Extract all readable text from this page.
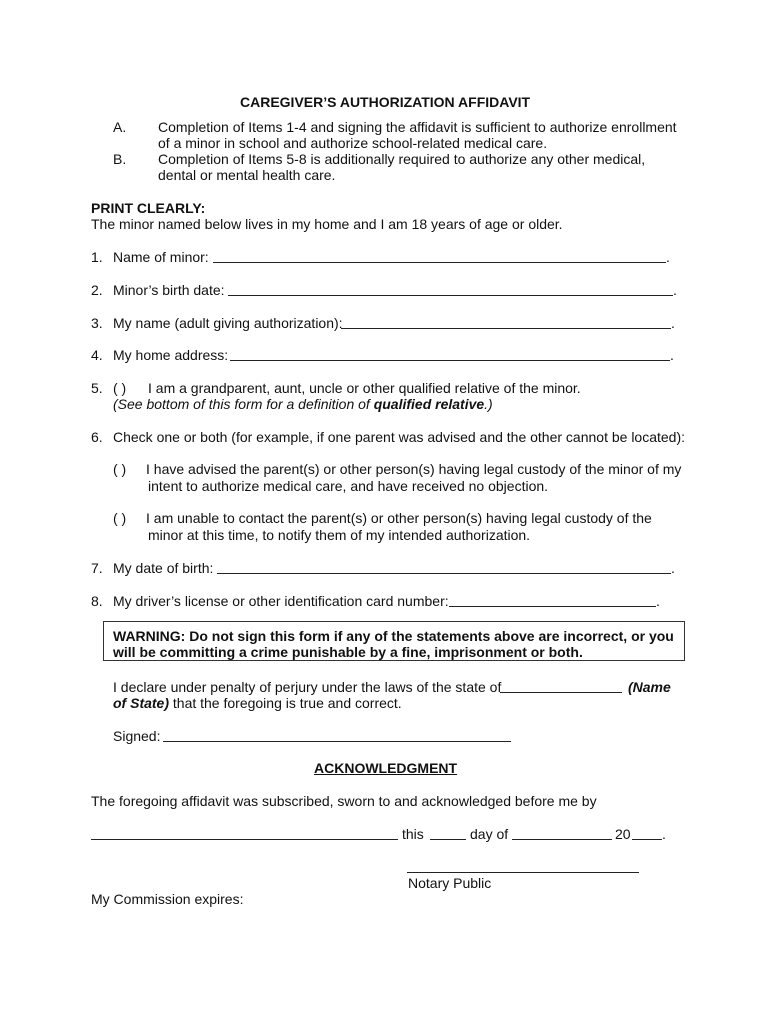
CAREGIVER’S AUTHORIZATION AFFIDAVIT
A. Completion of Items 1-4 and signing the affidavit is sufficient to authorize enrollment
of a minor in school and authorize school-related medical care.
B. Completion of Items 5-8 is additionally required to authorize any other medical,
dental or mental health care.
PRINT CLEARLY:
The minor named below lives in my home and I am 18 years of age or older.
1. Name of minor:	.
2. Minor’s birth date:	.
3. My name (adult giving authorization):	.
4. My home address:	.
5. ( ) I am a grandparent, aunt, uncle or other qualified relative of the minor.
(See bottom of this form for a definition of qualified relative.)
6. Check one or both (for example, if one parent was advised and the other cannot be located):
( ) I have advised the parent(s) or other person(s) having legal custody of the minor of my
intent to authorize medical care, and have received no objection.
( ) I am unable to contact the parent(s) or other person(s) having legal custody of the
minor at this time, to notify them of my intended authorization.
7. My date of birth:	.
8. My driver’s license or other identification card number:	.
WARNING: Do not sign this form if any of the statements above are incorrect, or you
will be committing a crime punishable by a fine, imprisonment or both.
I declare under penalty of perjury under the laws of the state of	(Name
of State) that the foregoing is true and correct.
Signed:
ACKNOWLEDGMENT
The foregoing affidavit was subscribed, sworn to and acknowledged before me by
this	day of	20 .
Notary Public
My Commission expires:
